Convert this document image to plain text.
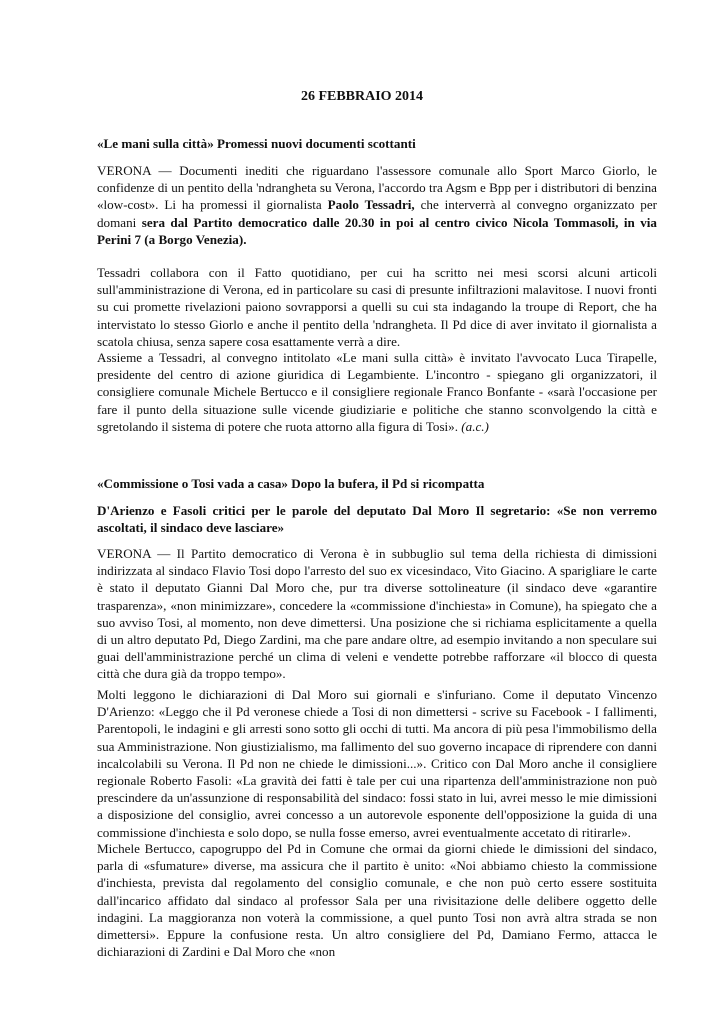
26 FEBBRAIO 2014
«Le mani sulla città» Promessi nuovi documenti scottanti
VERONA — Documenti inediti che riguardano l'assessore comunale allo Sport Marco Giorlo, le confidenze di un pentito della 'ndrangheta su Verona, l'accordo tra Agsm e Bpp per i distributori di benzina «low-cost». Li ha promessi il giornalista Paolo Tessadri, che interverrà al convegno organizzato per domani sera dal Partito democratico dalle 20.30 in poi al centro civico Nicola Tommasoli, in via Perini 7 (a Borgo Venezia).
Tessadri collabora con il Fatto quotidiano, per cui ha scritto nei mesi scorsi alcuni articoli sull'amministrazione di Verona, ed in particolare su casi di presunte infiltrazioni malavitose. I nuovi fronti su cui promette rivelazioni paiono sovrapporsi a quelli su cui sta indagando la troupe di Report, che ha intervistato lo stesso Giorlo e anche il pentito della 'ndrangheta. Il Pd dice di aver invitato il giornalista a scatola chiusa, senza sapere cosa esattamente verrà a dire.
Assieme a Tessadri, al convegno intitolato «Le mani sulla città» è invitato l'avvocato Luca Tirapelle, presidente del centro di azione giuridica di Legambiente. L'incontro - spiegano gli organizzatori, il consigliere comunale Michele Bertucco e il consigliere regionale Franco Bonfante - «sarà l'occasione per fare il punto della situazione sulle vicende giudiziarie e politiche che stanno sconvolgendo la città e sgretolando il sistema di potere che ruota attorno alla figura di Tosi». (a.c.)
«Commissione o Tosi vada a casa» Dopo la bufera, il Pd si ricompatta
D'Arienzo e Fasoli critici per le parole del deputato Dal Moro Il segretario: «Se non verremo ascoltati, il sindaco deve lasciare»
VERONA — Il Partito democratico di Verona è in subbuglio sul tema della richiesta di dimissioni indirizzata al sindaco Flavio Tosi dopo l'arresto del suo ex vicesindaco, Vito Giacino. A sparigliare le carte è stato il deputato Gianni Dal Moro che, pur tra diverse sottolineature (il sindaco deve «garantire trasparenza», «non minimizzare», concedere la «commissione d'inchiesta» in Comune), ha spiegato che a suo avviso Tosi, al momento, non deve dimettersi. Una posizione che si richiama esplicitamente a quella di un altro deputato Pd, Diego Zardini, ma che pare andare oltre, ad esempio invitando a non speculare sui guai dell'amministrazione perché un clima di veleni e vendette potrebbe rafforzare «il blocco di questa città che dura già da troppo tempo».
Molti leggono le dichiarazioni di Dal Moro sui giornali e s'infuriano. Come il deputato Vincenzo D'Arienzo: «Leggo che il Pd veronese chiede a Tosi di non dimettersi - scrive su Facebook - I fallimenti, Parentopoli, le indagini e gli arresti sono sotto gli occhi di tutti. Ma ancora di più pesa l'immobilismo della sua Amministrazione. Non giustizialismo, ma fallimento del suo governo incapace di riprendere con danni incalcolabili su Verona. Il Pd non ne chiede le dimissioni...». Critico con Dal Moro anche il consigliere regionale Roberto Fasoli: «La gravità dei fatti è tale per cui una ripartenza dell'amministrazione non può prescindere da un'assunzione di responsabilità del sindaco: fossi stato in lui, avrei messo le mie dimissioni a disposizione del consiglio, avrei concesso a un autorevole esponente dell'opposizione la guida di una commissione d'inchiesta e solo dopo, se nulla fosse emerso, avrei eventualmente accetato di ritirarle».
Michele Bertucco, capogruppo del Pd in Comune che ormai da giorni chiede le dimissioni del sindaco, parla di «sfumature» diverse, ma assicura che il partito è unito: «Noi abbiamo chiesto la commissione d'inchiesta, prevista dal regolamento del consiglio comunale, e che non può certo essere sostituita dall'incarico affidato dal sindaco al professor Sala per una rivisitazione delle delibere oggetto delle indagini. La maggioranza non voterà la commissione, a quel punto Tosi non avrà altra strada se non dimettersi». Eppure la confusione resta. Un altro consigliere del Pd, Damiano Fermo, attacca le dichiarazioni di Zardini e Dal Moro che «non
